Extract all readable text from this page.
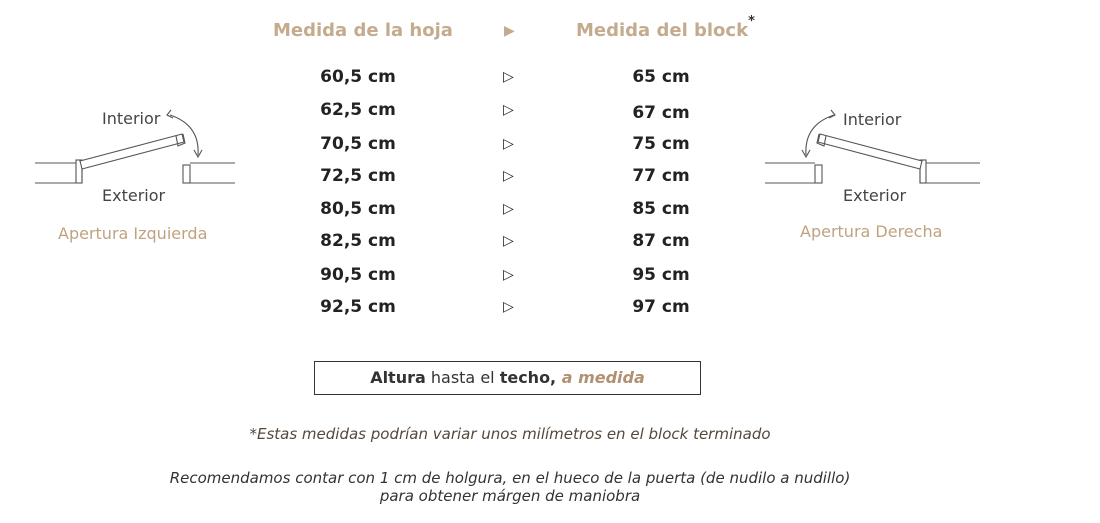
Medida de la hoja	▶	Medida del block *
60,5 cm	▷	65 cm
62,5 cm	▷	67 cm
70,5 cm	▷	75 cm
72,5 cm	▷	77 cm
80,5 cm	▷	85 cm
82,5 cm	▷	87 cm
90,5 cm	▷	95 cm
92,5 cm	▷	97 cm
Interior
Exterior
Apertura Izquierda
Interior
Exterior
Apertura Derecha
Altura hasta el techo, a medida
*Estas medidas podrían variar unos milímetros en el block terminado
Recomendamos contar con 1 cm de holgura, en el hueco de la puerta (de nudilo a nudillo)
para obtener márgen de maniobra
